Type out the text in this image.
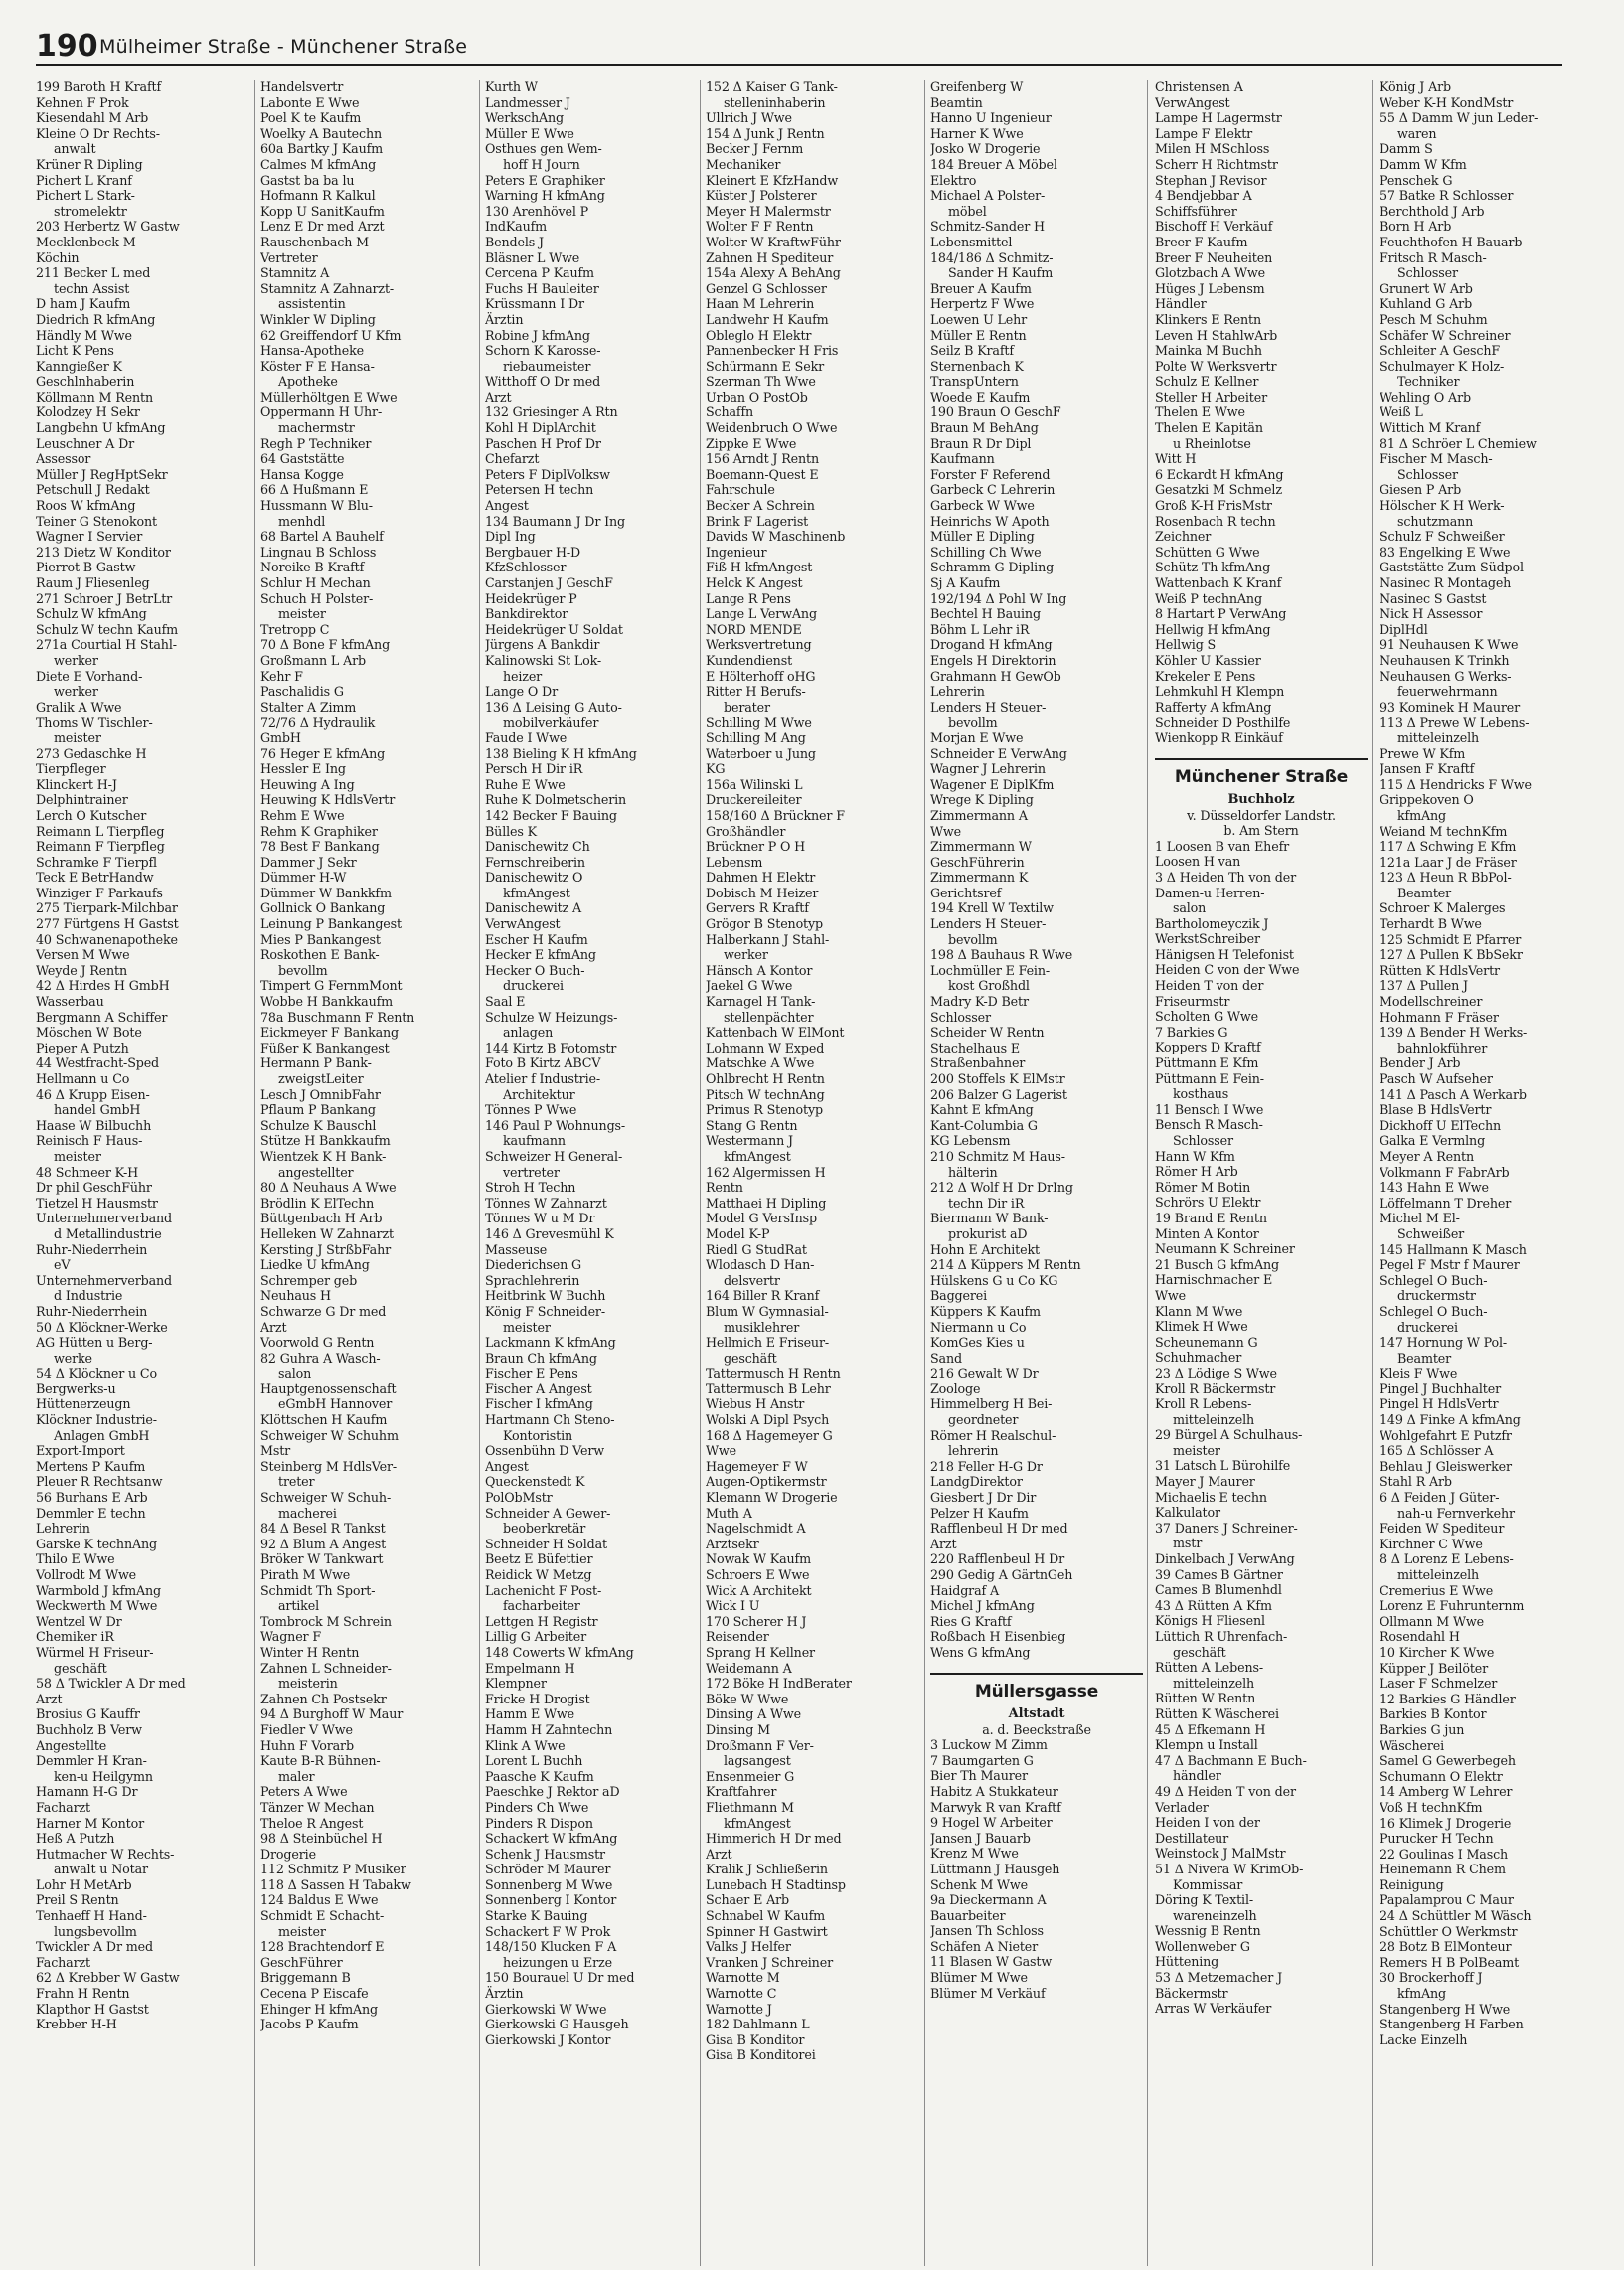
190 Mülheimer Straße - Münchener Straße
199 Baroth H Kraftf
Kehnen F Prok
Kiesendahl M Arb
Kleine O Dr Rechts-
anwalt
Krüner R Dipling
Pichert L Kranf
Pichert L Stark-
stromelektr
203 Herbertz W Gastw
Mecklenbeck M
Köchin
211 Becker L med
techn Assist
D ham J Kaufm
Diedrich R kfmAng
Händly M Wwe
Licht K Pens
Kanngießer K
Geschlnhaberin
Köllmann M Rentn
Kolodzey H Sekr
Langbehn U kfmAng
Leuschner A Dr
Assessor
Müller J RegHptSekr
Petschull J Redakt
Roos W kfmAng
Teiner G Stenokont
Wagner I Servier
213 Dietz W Konditor
Pierrot B Gastw
Raum J Fliesenleg
271 Schroer J BetrLtr
Schulz W kfmAng
Schulz W techn Kaufm
271a Courtial H Stahl-
werker
Diete E Vorhand-
werker
Gralik A Wwe
Thoms W Tischler-
meister
273 Gedaschke H
Tierpfleger
Klinckert H-J
Delphintrainer
Lerch O Kutscher
Reimann L Tierpfleg
Reimann F Tierpfleg
Schramke F Tierpfl
Teck E BetrHandw
Winziger F Parkaufs
275 Tierpark-Milchbar
277 Fürtgens H Gastst
40 Schwanenapotheke
Versen M Wwe
Weyde J Rentn
42 Δ Hirdes H GmbH
Wasserbau
Bergmann A Schiffer
Möschen W Bote
Pieper A Putzh
44 Westfracht-Sped
Hellmann u Co
46 Δ Krupp Eisen-
handel GmbH
Haase W Bilbuchh
Reinisch F Haus-
meister
48 Schmeer K-H
Dr phil GeschFühr
Tietzel H Hausmstr
Unternehmerverband
d Metallindustrie
Ruhr-Niederrhein
eV
Unternehmerverband
d Industrie
Ruhr-Niederrhein
50 Δ Klöckner-Werke
AG Hütten u Berg-
werke
54 Δ Klöckner u Co
Bergwerks-u
Hüttenerzeugn
Klöckner Industrie-
Anlagen GmbH
Export-Import
Mertens P Kaufm
Pleuer R Rechtsanw
56 Burhans E Arb
Demmler E techn
Lehrerin
Garske K technAng
Thilo E Wwe
Vollrodt M Wwe
Warmbold J kfmAng
Weckwerth M Wwe
Wentzel W Dr
Chemiker iR
Würmel H Friseur-
geschäft
58 Δ Twickler A Dr med
Arzt
Brosius G Kauffr
Buchholz B Verw
Angestellte
Demmler H Kran-
ken-u Heilgymn
Hamann H-G Dr
Facharzt
Harner M Kontor
Heß A Putzh
Hutmacher W Rechts-
anwalt u Notar
Lohr H MetArb
Preil S Rentn
Tenhaeff H Hand-
lungsbevollm
Twickler A Dr med
Facharzt
62 Δ Krebber W Gastw
Frahn H Rentn
Klapthor H Gastst
Krebber H-H
Handelsvertr
Labonte E Wwe
Poel K te Kaufm
Woelky A Bautechn
60a Bartky J Kaufm
Calmes M kfmAng
Gastst ba ba lu
Hofmann R Kalkul
Kopp U SanitKaufm
Lenz E Dr med Arzt
Rauschenbach M
Vertreter
Stamnitz A
Stamnitz A Zahnarzt-
assistentin
Winkler W Dipling
62 Greiffendorf U Kfm
Hansa-Apotheke
Köster F E Hansa-
Apotheke
Müllerhöltgen E Wwe
Oppermann H Uhr-
machermstr
Regh P Techniker
64 Gaststätte
Hansa Kogge
66 Δ Hußmann E
Hussmann W Blu-
menhdl
68 Bartel A Bauhelf
Lingnau B Schloss
Noreike B Kraftf
Schlur H Mechan
Schuch H Polster-
meister
Tretropp C
70 Δ Bone F kfmAng
Großmann L Arb
Kehr F
Paschalidis G
Stalter A Zimm
72/76 Δ Hydraulik
GmbH
76 Heger E kfmAng
Hessler E Ing
Heuwing A Ing
Heuwing K HdlsVertr
Rehm E Wwe
Rehm K Graphiker
78 Best F Bankang
Dammer J Sekr
Dümmer H-W
Dümmer W Bankkfm
Gollnick O Bankang
Leinung P Bankangest
Mies P Bankangest
Roskothen E Bank-
bevollm
Timpert G FernmMont
Wobbe H Bankkaufm
78a Buschmann F Rentn
Eickmeyer F Bankang
Füßer K Bankangest
Hermann P Bank-
zweigstLeiter
Lesch J OmnibFahr
Pflaum P Bankang
Schulze K Bauschl
Stütze H Bankkaufm
Wientzek K H Bank-
angestellter
80 Δ Neuhaus A Wwe
Brödlin K ElTechn
Büttgenbach H Arb
Helleken W Zahnarzt
Kersting J StrßbFahr
Liedke U kfmAng
Schremper geb
Neuhaus H
Schwarze G Dr med
Arzt
Voorwold G Rentn
82 Guhra A Wasch-
salon
Hauptgenossenschaft
eGmbH Hannover
Klöttschen H Kaufm
Schweiger W Schuhm
Mstr
Steinberg M HdlsVer-
treter
Schweiger W Schuh-
macherei
84 Δ Besel R Tankst
92 Δ Blum A Angest
Bröker W Tankwart
Pirath M Wwe
Schmidt Th Sport-
artikel
Tombrock M Schrein
Wagner F
Winter H Rentn
Zahnen L Schneider-
meisterin
Zahnen Ch Postsekr
94 Δ Burghoff W Maur
Fiedler V Wwe
Huhn F Vorarb
Kaute B-R Bühnen-
maler
Peters A Wwe
Tänzer W Mechan
Theloe R Angest
98 Δ Steinbüchel H
Drogerie
112 Schmitz P Musiker
118 Δ Sassen H Tabakw
124 Baldus E Wwe
Schmidt E Schacht-
meister
128 Brachtendorf E
GeschFührer
Briggemann B
Cecena P Eiscafe
Ehinger H kfmAng
Jacobs P Kaufm
Kurth W
Landmesser J
WerkschAng
Müller E Wwe
Osthues gen Wem-
hoff H Journ
Peters E Graphiker
Warning H kfmAng
130 Arenhövel P
IndKaufm
Bendels J
Bläsner L Wwe
Cercena P Kaufm
Fuchs H Bauleiter
Krüssmann I Dr
Ärztin
Robine J kfmAng
Schorn K Karosse-
riebaumeister
Witthoff O Dr med
Arzt
132 Griesinger A Rtn
Kohl H DiplArchit
Paschen H Prof Dr
Chefarzt
Peters F DiplVolksw
Petersen H techn
Angest
134 Baumann J Dr Ing
Dipl Ing
Bergbauer H-D
KfzSchlosser
Carstanjen J GeschF
Heidekrüger P
Bankdirektor
Heidekrüger U Soldat
Jürgens A Bankdir
Kalinowski St Lok-
heizer
Lange O Dr
136 Δ Leising G Auto-
mobilverkäufer
Faude I Wwe
138 Bieling K H kfmAng
Persch H Dir iR
Ruhe E Wwe
Ruhe K Dolmetscherin
142 Becker F Bauing
Bülles K
Danischewitz Ch
Fernschreiberin
Danischewitz O
kfmAngest
Danischewitz A
VerwAngest
Escher H Kaufm
Hecker E kfmAng
Hecker O Buch-
druckerei
Saal E
Schulze W Heizungs-
anlagen
144 Kirtz B Fotomstr
Foto B Kirtz ABCV
Atelier f Industrie-
Architektur
Tönnes P Wwe
146 Paul P Wohnungs-
kaufmann
Schweizer H General-
vertreter
Stroh H Techn
Tönnes W Zahnarzt
Tönnes W u M Dr
146 Δ Grevesmühl K
Masseuse
Diederichsen G
Sprachlehrerin
Heitbrink W Buchh
König F Schneider-
meister
Lackmann K kfmAng
Braun Ch kfmAng
Fischer E Pens
Fischer A Angest
Fischer I kfmAng
Hartmann Ch Steno-
Kontoristin
Ossenbühn D Verw
Angest
Queckenstedt K
PolObMstr
Schneider A Gewer-
beoberkretär
Schneider H Soldat
Beetz E Büfettier
Reidick W Metzg
Lachenicht F Post-
facharbeiter
Lettgen H Registr
Lillig G Arbeiter
148 Cowerts W kfmAng
Empelmann H
Klempner
Fricke H Drogist
Hamm E Wwe
Hamm H Zahntechn
Klink A Wwe
Lorent L Buchh
Paasche K Kaufm
Paeschke J Rektor aD
Pinders Ch Wwe
Pinders R Dispon
Schackert W kfmAng
Schenk J Hausmstr
Schröder M Maurer
Sonnenberg M Wwe
Sonnenberg I Kontor
Starke K Bauing
Schackert F W Prok
148/150 Klucken F A
heizungen u Erze
150 Bourauel U Dr med
Ärztin
Gierkowski W Wwe
Gierkowski G Hausgeh
Gierkowski J Kontor
152 Δ Kaiser G Tank-
stelleninhaberin
Ullrich J Wwe
154 Δ Junk J Rentn
Becker J Fernm
Mechaniker
Kleinert E KfzHandw
Küster J Polsterer
Meyer H Malermstr
Wolter F F Rentn
Wolter W KraftwFühr
Zahnen H Spediteur
154a Alexy A BehAng
Genzel G Schlosser
Haan M Lehrerin
Landwehr H Kaufm
Obleglo H Elektr
Pannenbecker H Fris
Schürmann E Sekr
Szerman Th Wwe
Urban O PostOb
Schaffn
Weidenbruch O Wwe
Zippke E Wwe
156 Arndt J Rentn
Boemann-Quest E
Fahrschule
Becker A Schrein
Brink F Lagerist
Davids W Maschinenb
Ingenieur
Fiß H kfmAngest
Helck K Angest
Lange R Pens
Lange L VerwAng
NORD MENDE
Werksvertretung
Kundendienst
E Hölterhoff oHG
Ritter H Berufs-
berater
Schilling M Wwe
Schilling M Ang
Waterboer u Jung
KG
156a Wilinski L
Druckereileiter
158/160 Δ Brückner F
Großhändler
Brückner P O H
Lebensm
Dahmen H Elektr
Dobisch M Heizer
Gervers R Kraftf
Grögor B Stenotyp
Halberkann J Stahl-
werker
Hänsch A Kontor
Jaekel G Wwe
Karnagel H Tank-
stellenpächter
Kattenbach W ElMont
Lohmann W Exped
Matschke A Wwe
Ohlbrecht H Rentn
Pitsch W technAng
Primus R Stenotyp
Stang G Rentn
Westermann J
kfmAngest
162 Algermissen H
Rentn
Matthaei H Dipling
Model G VersInsp
Model K-P
Riedl G StudRat
Wlodasch D Han-
delsvertr
164 Biller R Kranf
Blum W Gymnasial-
musiklehrer
Hellmich E Friseur-
geschäft
Tattermusch H Rentn
Tattermusch B Lehr
Wiebus H Anstr
Wolski A Dipl Psych
168 Δ Hagemeyer G
Wwe
Hagemeyer F W
Augen-Optikermstr
Klemann W Drogerie
Muth A
Nagelschmidt A
Arztsekr
Nowak W Kaufm
Schroers E Wwe
Wick A Architekt
Wick I U
170 Scherer H J
Reisender
Sprang H Kellner
Weidemann A
172 Böke H IndBerater
Böke W Wwe
Dinsing A Wwe
Dinsing M
Droßmann F Ver-
lagsangest
Ensenmeier G
Kraftfahrer
Fliethmann M
kfmAngest
Himmerich H Dr med
Arzt
Kralik J Schließerin
Lunebach H Stadtinsp
Schaer E Arb
Schnabel W Kaufm
Spinner H Gastwirt
Valks J Helfer
Vranken J Schreiner
Warnotte M
Warnotte C
Warnotte J
182 Dahlmann L
Gisa B Konditor
Gisa B Konditorei
Greifenberg W
Beamtin
Hanno U Ingenieur
Harner K Wwe
Josko W Drogerie
184 Breuer A Möbel
Elektro
Michael A Polster-
möbel
Schmitz-Sander H
Lebensmittel
184/186 Δ Schmitz-
Sander H Kaufm
Breuer A Kaufm
Herpertz F Wwe
Loewen U Lehr
Müller E Rentn
Seilz B Kraftf
Sternenbach K
TranspUntern
Woede E Kaufm
190 Braun O GeschF
Braun M BehAng
Braun R Dr Dipl
Kaufmann
Forster F Referend
Garbeck C Lehrerin
Garbeck W Wwe
Heinrichs W Apoth
Müller E Dipling
Schilling Ch Wwe
Schramm G Dipling
Sj A Kaufm
192/194 Δ Pohl W Ing
Bechtel H Bauing
Böhm L Lehr iR
Drogand H kfmAng
Engels H Direktorin
Grahmann H GewOb
Lehrerin
Lenders H Steuer-
bevollm
Morjan E Wwe
Schneider E VerwAng
Wagner J Lehrerin
Wagener E DiplKfm
Wrege K Dipling
Zimmermann A
Wwe
Zimmermann W
GeschFührerin
Zimmermann K
Gerichtsref
194 Krell W Textilw
Lenders H Steuer-
bevollm
198 Δ Bauhaus R Wwe
Lochmüller E Fein-
kost Großhdl
Madry K-D Betr
Schlosser
Scheider W Rentn
Stachelhaus E
Straßenbahner
200 Stoffels K ElMstr
206 Balzer G Lagerist
Kahnt E kfmAng
Kant-Columbia G
KG Lebensm
210 Schmitz M Haus-
hälterin
212 Δ Wolf H Dr DrIng
techn Dir iR
Biermann W Bank-
prokurist aD
Hohn E Architekt
214 Δ Küppers M Rentn
Hülskens G u Co KG
Baggerei
Küppers K Kaufm
Niermann u Co
KomGes Kies u
Sand
216 Gewalt W Dr
Zoologe
Himmelberg H Bei-
geordneter
Römer H Realschul-
lehrerin
218 Feller H-G Dr
LandgDirektor
Giesbert J Dr Dir
Pelzer H Kaufm
Rafflenbeul H Dr med
Arzt
220 Rafflenbeul H Dr
290 Gedig A GärtnGeh
Haidgraf A
Michel J kfmAng
Ries G Kraftf
Roßbach H Eisenbieg
Wens G kfmAng
Müllersgasse
Altstadt
a. d. Beeckstraße
3 Luckow M Zimm
7 Baumgarten G
Bier Th Maurer
Habitz A Stukkateur
Marwyk R van Kraftf
9 Hogel W Arbeiter
Jansen J Bauarb
Krenz M Wwe
Lüttmann J Hausgeh
Schenk M Wwe
9a Dieckermann A
Bauarbeiter
Jansen Th Schloss
Schäfen A Nieter
11 Blasen W Gastw
Blümer M Wwe
Blümer M Verkäuf
Christensen A
VerwAngest
Lampe H Lagermstr
Lampe F Elektr
Milen H MSchloss
Scherr H Richtmstr
Stephan J Revisor
4 Bendjebbar A
Schiffsführer
Bischoff H Verkäuf
Breer F Kaufm
Breer F Neuheiten
Glotzbach A Wwe
Hüges J Lebensm
Händler
Klinkers E Rentn
Leven H StahlwArb
Mainka M Buchh
Polte W Werksvertr
Schulz E Kellner
Steller H Arbeiter
Thelen E Wwe
Thelen E Kapitän
u Rheinlotse
Witt H
6 Eckardt H kfmAng
Gesatzki M Schmelz
Groß K-H FrisMstr
Rosenbach R techn
Zeichner
Schütten G Wwe
Schütz Th kfmAng
Wattenbach K Kranf
Weiß P technAng
8 Hartart P VerwAng
Hellwig H kfmAng
Hellwig S
Köhler U Kassier
Krekeler E Pens
Lehmkuhl H Klempn
Rafferty A kfmAng
Schneider D Posthilfe
Wienkopp R Einkäuf
Münchener Straße
Buchholz
v. Düsseldorfer Landstr.
b. Am Stern
1 Loosen B van Ehefr
Loosen H van
3 Δ Heiden Th von der
Damen-u Herren-
salon
Bartholomeyczik J
WerkstSchreiber
Hänigsen H Telefonist
Heiden C von der Wwe
Heiden T von der
Friseurmstr
Scholten G Wwe
7 Barkies G
Koppers D Kraftf
Püttmann E Kfm
Püttmann E Fein-
kosthaus
11 Bensch I Wwe
Bensch R Masch-
Schlosser
Hann W Kfm
Römer H Arb
Römer M Botin
Schrörs U Elektr
19 Brand E Rentn
Minten A Kontor
Neumann K Schreiner
21 Busch G kfmAng
Harnischmacher E
Wwe
Klann M Wwe
Klimek H Wwe
Scheunemann G
Schuhmacher
23 Δ Lödige S Wwe
Kroll R Bäckermstr
Kroll R Lebens-
mitteleinzelh
29 Bürgel A Schulhaus-
meister
31 Latsch L Bürohilfe
Mayer J Maurer
Michaelis E techn
Kalkulator
37 Daners J Schreiner-
mstr
Dinkelbach J VerwAng
39 Cames B Gärtner
Cames B Blumenhdl
43 Δ Rütten A Kfm
Königs H Fliesenl
Lüttich R Uhrenfach-
geschäft
Rütten A Lebens-
mitteleinzelh
Rütten W Rentn
Rütten K Wäscherei
45 Δ Efkemann H
Klempn u Install
47 Δ Bachmann E Buch-
händler
49 Δ Heiden T von der
Verlader
Heiden I von der
Destillateur
Weinstock J MalMstr
51 Δ Nivera W KrimOb-
Kommissar
Döring K Textil-
wareneinzelh
Wessnig B Rentn
Wollenweber G
Hüttening
53 Δ Metzemacher J
Bäckermstr
Arras W Verkäufer
König J Arb
Weber K-H KondMstr
55 Δ Damm W jun Leder-
waren
Damm S
Damm W Kfm
Penschek G
57 Batke R Schlosser
Berchthold J Arb
Born H Arb
Feuchthofen H Bauarb
Fritsch R Masch-
Schlosser
Grunert W Arb
Kuhland G Arb
Pesch M Schuhm
Schäfer W Schreiner
Schleiter A GeschF
Schulmayer K Holz-
Techniker
Wehling O Arb
Weiß L
Wittich M Kranf
81 Δ Schröer L Chemiew
Fischer M Masch-
Schlosser
Giesen P Arb
Hölscher K H Werk-
schutzmann
Schulz F Schweißer
83 Engelking E Wwe
Gaststätte Zum Südpol
Nasinec R Montageh
Nasinec S Gastst
Nick H Assessor
DiplHdl
91 Neuhausen K Wwe
Neuhausen K Trinkh
Neuhausen G Werks-
feuerwehrmann
93 Kominek H Maurer
113 Δ Prewe W Lebens-
mitteleinzelh
Prewe W Kfm
Jansen F Kraftf
115 Δ Hendricks F Wwe
Grippekoven O
kfmAng
Weiand M technKfm
117 Δ Schwing E Kfm
121a Laar J de Fräser
123 Δ Heun R BbPol-
Beamter
Schroer K Malerges
Terhardt B Wwe
125 Schmidt E Pfarrer
127 Δ Pullen K BbSekr
Rütten K HdlsVertr
137 Δ Pullen J
Modellschreiner
Hohmann F Fräser
139 Δ Bender H Werks-
bahnlokführer
Bender J Arb
Pasch W Aufseher
141 Δ Pasch A Werkarb
Blase B HdlsVertr
Dickhoff U ElTechn
Galka E Vermlng
Meyer A Rentn
Volkmann F FabrArb
143 Hahn E Wwe
Löffelmann T Dreher
Michel M El-
Schweißer
145 Hallmann K Masch
Pegel F Mstr f Maurer
Schlegel O Buch-
druckermstr
Schlegel O Buch-
druckerei
147 Hornung W Pol-
Beamter
Kleis F Wwe
Pingel J Buchhalter
Pingel H HdlsVertr
149 Δ Finke A kfmAng
Wohlgefahrt E Putzfr
165 Δ Schlösser A
Behlau J Gleiswerker
Stahl R Arb
6 Δ Feiden J Güter-
nah-u Fernverkehr
Feiden W Spediteur
Kirchner C Wwe
8 Δ Lorenz E Lebens-
mitteleinzelh
Cremerius E Wwe
Lorenz E Fuhrunternm
Ollmann M Wwe
Rosendahl H
10 Kircher K Wwe
Küpper J Beilöter
Laser F Schmelzer
12 Barkies G Händler
Barkies B Kontor
Barkies G jun
Wäscherei
Samel G Gewerbegeh
Schumann O Elektr
14 Amberg W Lehrer
Voß H technKfm
16 Klimek J Drogerie
Purucker H Techn
22 Goulinas I Masch
Heinemann R Chem
Reinigung
Papalamprou C Maur
24 Δ Schüttler M Wäsch
Schüttler O Werkmstr
28 Botz B ElMonteur
Remers H B PolBeamt
30 Brockerhoff J
kfmAng
Stangenberg H Wwe
Stangenberg H Farben
Lacke Einzelh
